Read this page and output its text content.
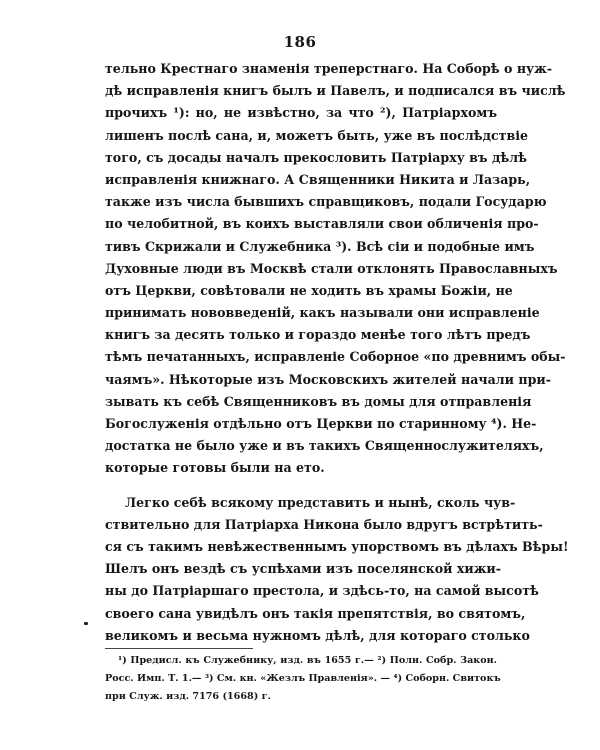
186
тельно Крестнаго знаменія треперстнаго. На Соборѣ о нуж-
дѣ исправленія книгъ былъ и Павелъ, и подписался въ числѣ
прочихъ ¹): но, не извѣстно, за что ²), Патріархомъ
лишенъ послѣ сана, и, можетъ быть, уже въ послѣдствіе
того, съ досады началъ прекословить Патріарху въ дѣлѣ
исправленія книжнаго. А Священники Никита и Лазарь,
также изъ числа бывшихъ справщиковъ, подали Государю
по челобитной, въ коихъ выставляли свои обличенія про-
тивъ Скрижали и Служебника ³). Всѣ сіи и подобные имъ
Духовные люди въ Москвѣ стали отклонять Православныхъ
отъ Церкви, совѣтовали не ходить въ храмы Божіи, не
принимать нововведеній, какъ называли они исправленіе
книгъ за десять только и гораздо менѣе того лѣтъ предъ
тѣмъ печатанныхъ, исправленіе Соборное «по древнимъ обы-
чаямъ». Нѣкоторые изъ Московскихъ жителей начали при-
зывать къ себѣ Священниковъ въ домы для отправленія
Богослуженія отдѣльно отъ Церкви по старинному ⁴). Не-
достатка не было уже и въ такихъ Священнослужителяхъ,
которые готовы были на ето.
Легко себѣ всякому представить и нынѣ, сколь чув-
ствительно для Патріарха Никона было вдругъ встрѣтить-
ся съ такимъ невѣжественнымъ упорствомъ въ дѣлахъ Вѣры!
Шелъ онъ вездѣ съ успѣхами изъ поселянской хижи-
ны до Патріаршаго престола, и здѣсь-то, на самой высотѣ
своего сана увидѣлъ онъ такія препятствія, во святомъ,
великомъ и весьма нужномъ дѣлѣ, для котораго столько
¹) Предисл. къ Служебнику, изд. въ 1655 г.— ²) Полн. Собр. Закон.
Росс. Имп. Т. 1.— ³) См. кн. «Жезлъ Правленія». — ⁴) Соборн. Свитокъ
при Служ. изд. 7176 (1668) г.
